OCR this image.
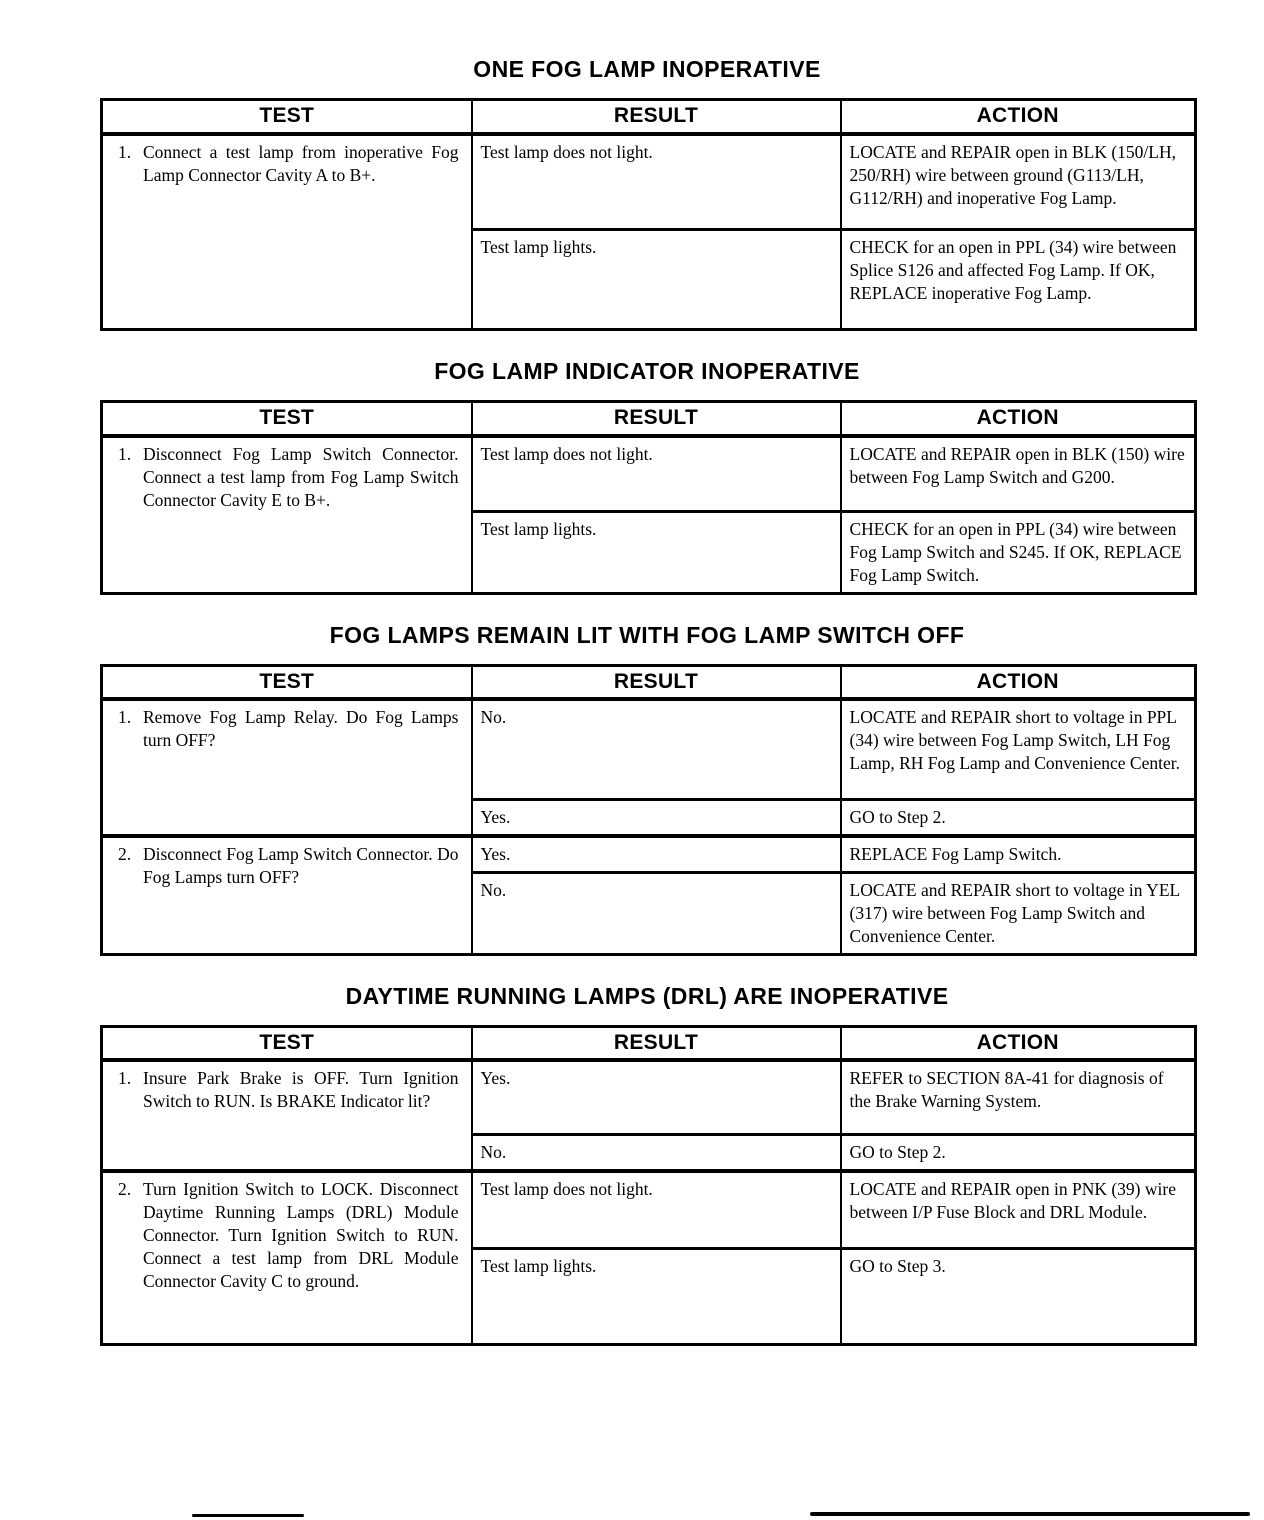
ONE FOG LAMP INOPERATIVE
TEST	RESULT	ACTION

1. Connect a test lamp from inoperative Fog Lamp Connector Cavity A to B+.	Test lamp does not light.	LOCATE and REPAIR open in BLK (150/LH, 250/RH) wire between ground (G113/LH, G112/RH) and inoperative Fog Lamp.
	Test lamp lights.	CHECK for an open in PPL (34) wire between Splice S126 and affected Fog Lamp. If OK, REPLACE inoperative Fog Lamp.
FOG LAMP INDICATOR INOPERATIVE
TEST	RESULT	ACTION

1. Disconnect Fog Lamp Switch Connector. Connect a test lamp from Fog Lamp Switch Connector Cavity E to B+.	Test lamp does not light.	LOCATE and REPAIR open in BLK (150) wire between Fog Lamp Switch and G200.
	Test lamp lights.	CHECK for an open in PPL (34) wire between Fog Lamp Switch and S245. If OK, REPLACE Fog Lamp Switch.
FOG LAMPS REMAIN LIT WITH FOG LAMP SWITCH OFF
TEST	RESULT	ACTION

1. Remove Fog Lamp Relay. Do Fog Lamps turn OFF?	No.	LOCATE and REPAIR short to voltage in PPL (34) wire between Fog Lamp Switch, LH Fog Lamp, RH Fog Lamp and Convenience Center.
	Yes.	GO to Step 2.

2. Disconnect Fog Lamp Switch Connector. Do Fog Lamps turn OFF?	Yes.	REPLACE Fog Lamp Switch.
	No.	LOCATE and REPAIR short to voltage in YEL (317) wire between Fog Lamp Switch and Convenience Center.
DAYTIME RUNNING LAMPS (DRL) ARE INOPERATIVE
TEST	RESULT	ACTION

1. Insure Park Brake is OFF. Turn Ignition Switch to RUN. Is BRAKE Indicator lit?	Yes.	REFER to SECTION 8A-41 for diagnosis of the Brake Warning System.
	No.	GO to Step 2.

2. Turn Ignition Switch to LOCK. Disconnect Daytime Running Lamps (DRL) Module Connector. Turn Ignition Switch to RUN. Connect a test lamp from DRL Module Connector Cavity C to ground.	Test lamp does not light.	LOCATE and REPAIR open in PNK (39) wire between I/P Fuse Block and DRL Module.
	Test lamp lights.	GO to Step 3.
